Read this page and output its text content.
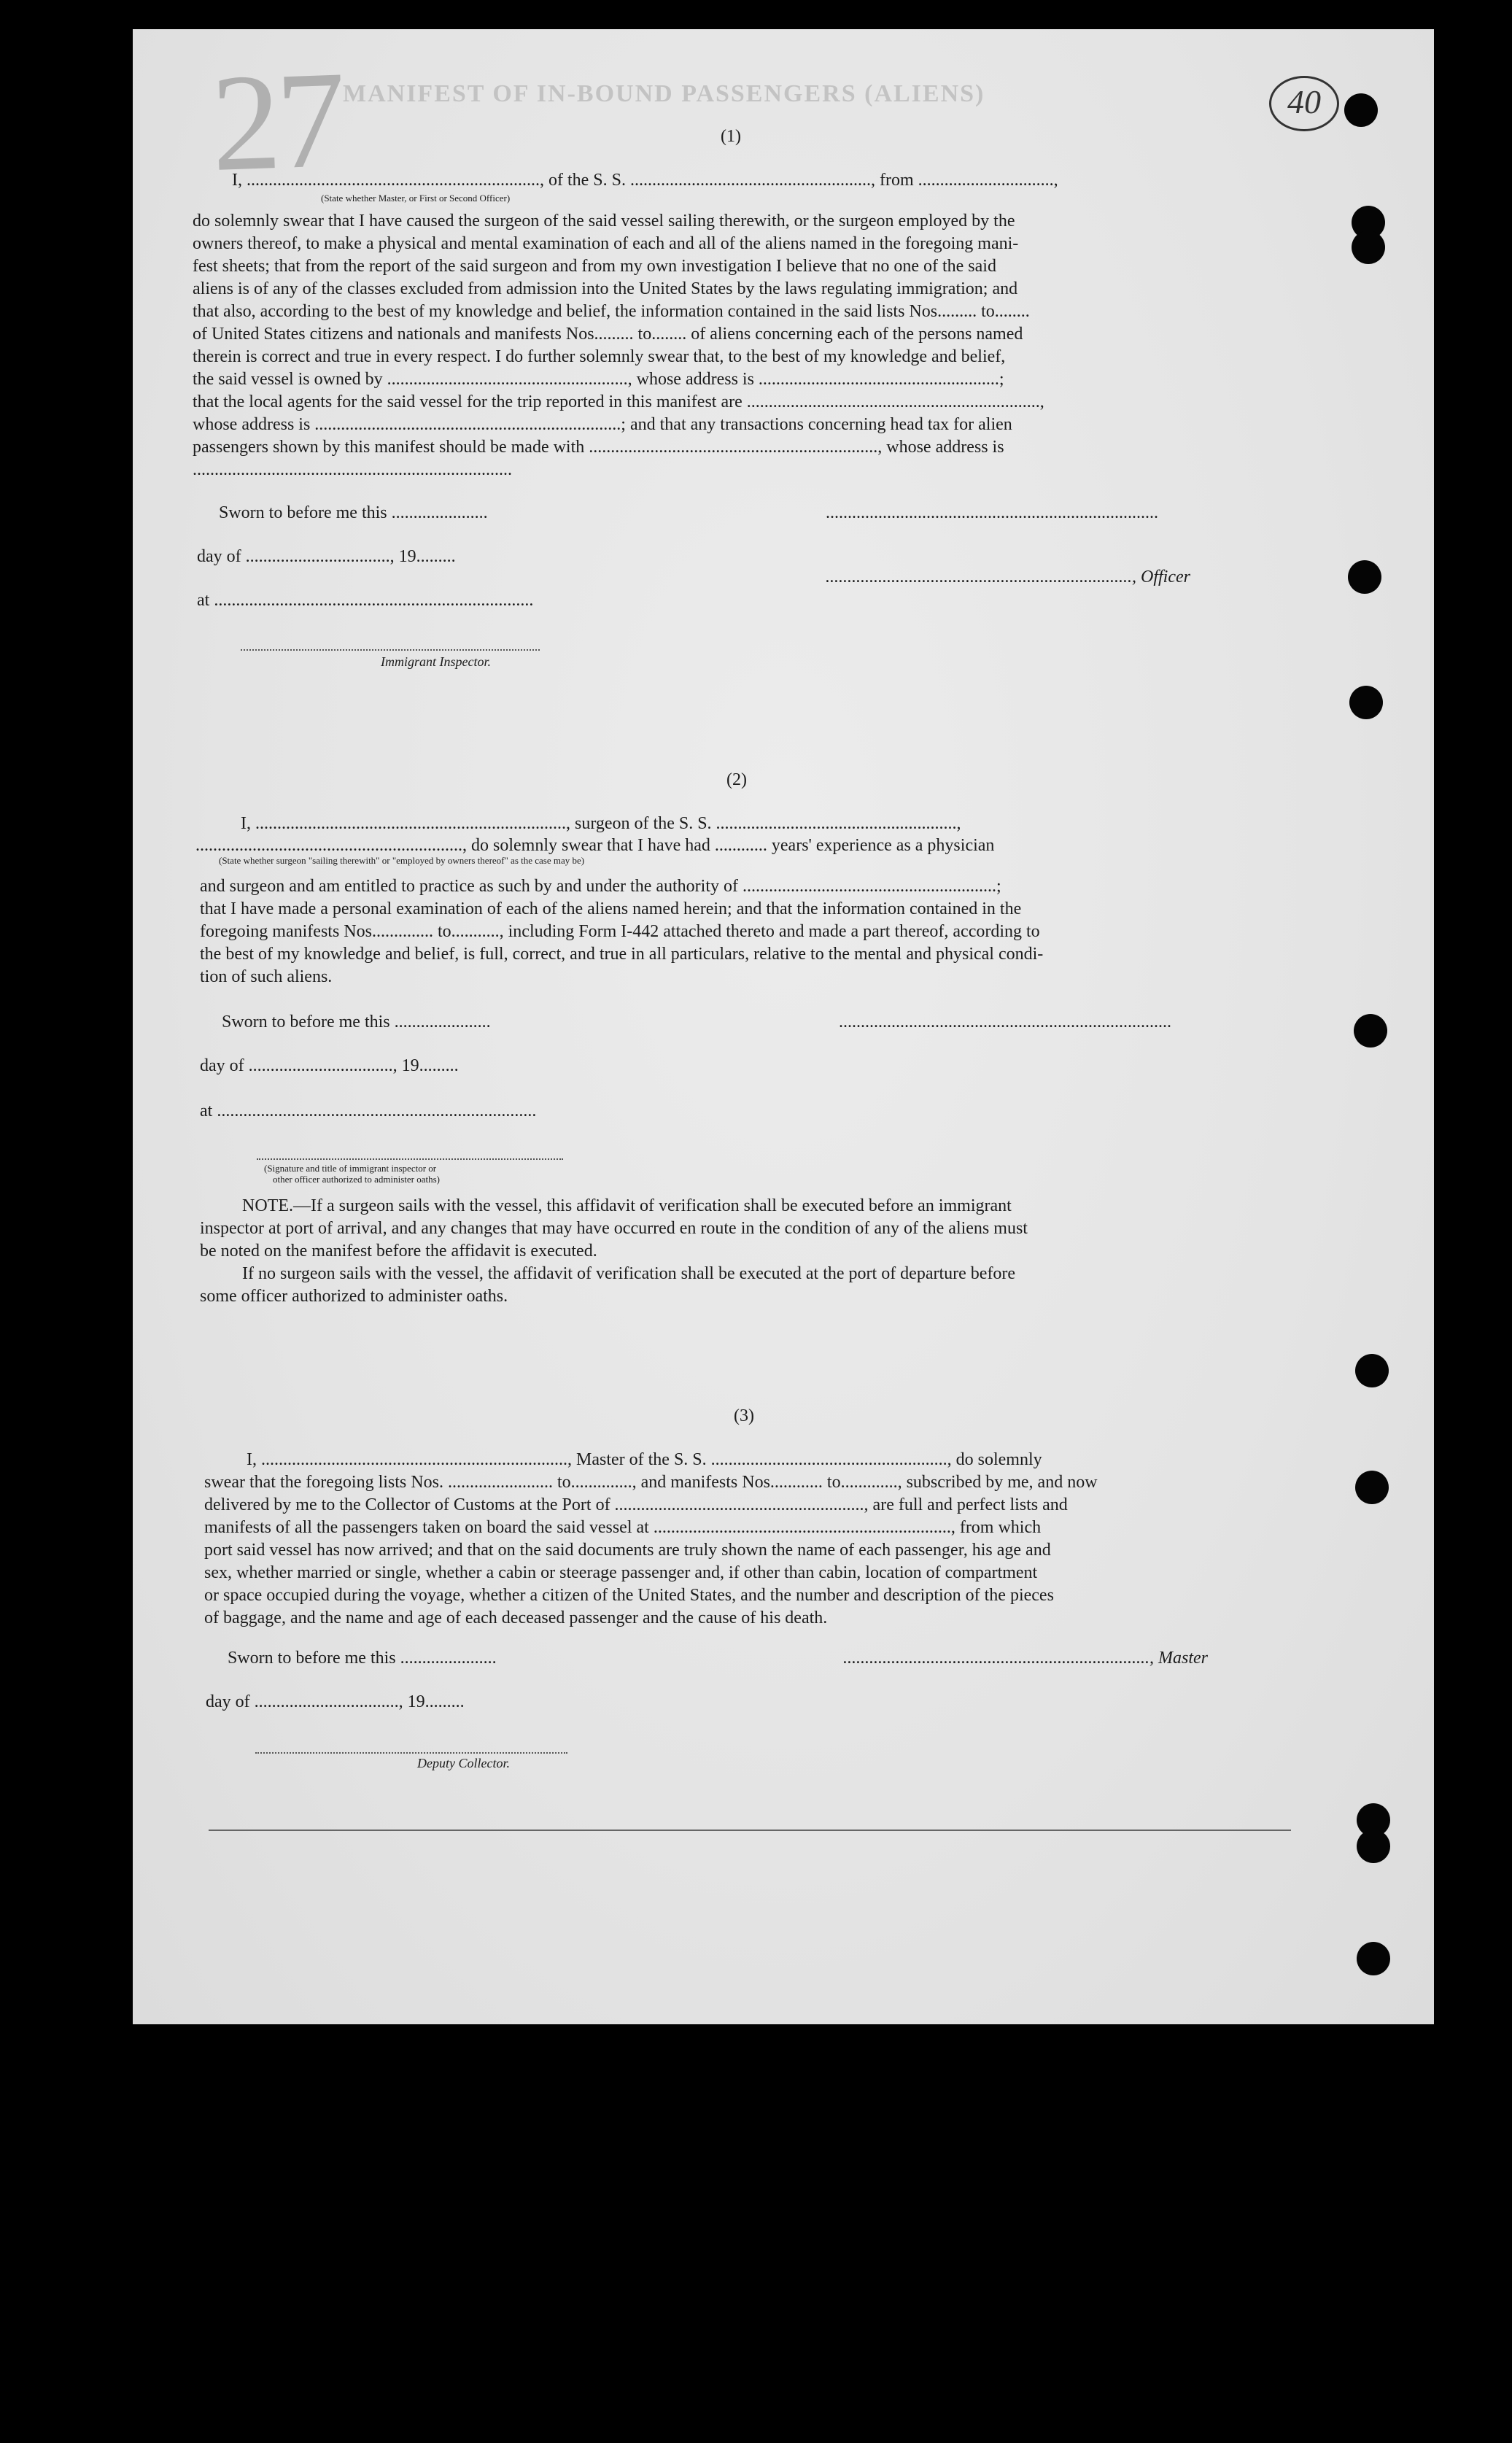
27
MANIFEST OF IN-BOUND PASSENGERS (ALIENS)	40
(1)
I, ..................................................................., of the S. S. ......................................................., from ...............................,
(State whether Master, or First or Second Officer)
do solemnly swear that I have caused the surgeon of the said vessel sailing therewith, or the surgeon employed by the
owners thereof, to make a physical and mental examination of each and all of the aliens named in the foregoing mani-
fest sheets; that from the report of the said surgeon and from my own investigation I believe that no one of the said
aliens is of any of the classes excluded from admission into the United States by the laws regulating immigration; and
that also, according to the best of my knowledge and belief, the information contained in the said lists Nos......... to........
of United States citizens and nationals and manifests Nos......... to........ of aliens concerning each of the persons named
therein is correct and true in every respect. I do further solemnly swear that, to the best of my knowledge and belief,
the said vessel is owned by ......................................................., whose address is .......................................................;
that the local agents for the said vessel for the trip reported in this manifest are ...................................................................,
whose address is ......................................................................; and that any transactions concerning head tax for alien
passengers shown by this manifest should be made with .................................................................., whose address is
.........................................................................
Sworn to before me this ......................	............................................................................
day of ................................., 19.........
......................................................................, Officer
at .........................................................................
Immigrant Inspector.
(2)
I, ......................................................................., surgeon of the S. S. .......................................................,
............................................................., do solemnly swear that I have had ............ years' experience as a physician
(State whether surgeon "sailing therewith" or "employed by owners thereof" as the case may be)
and surgeon and am entitled to practice as such by and under the authority of ..........................................................;
that I have made a personal examination of each of the aliens named herein; and that the information contained in the
foregoing manifests Nos.............. to..........., including Form I-442 attached thereto and made a part thereof, according to
the best of my knowledge and belief, is full, correct, and true in all particulars, relative to the mental and physical condi-
tion of such aliens.
Sworn to before me this ......................	............................................................................
day of ................................., 19.........
at .........................................................................
(Signature and title of immigrant inspector or
other officer authorized to administer oaths)
NOTE.—If a surgeon sails with the vessel, this affidavit of verification shall be executed before an immigrant
inspector at port of arrival, and any changes that may have occurred en route in the condition of any of the aliens must
be noted on the manifest before the affidavit is executed.
If no surgeon sails with the vessel, the affidavit of verification shall be executed at the port of departure before
some officer authorized to administer oaths.
(3)
I, ......................................................................, Master of the S. S. ......................................................, do solemnly
swear that the foregoing lists Nos. ........................ to.............., and manifests Nos............ to............., subscribed by me, and now
delivered by me to the Collector of Customs at the Port of ........................................................., are full and perfect lists and
manifests of all the passengers taken on board the said vessel at ...................................................................., from which
port said vessel has now arrived; and that on the said documents are truly shown the name of each passenger, his age and
sex, whether married or single, whether a cabin or steerage passenger and, if other than cabin, location of compartment
or space occupied during the voyage, whether a citizen of the United States, and the number and description of the pieces
of baggage, and the name and age of each deceased passenger and the cause of his death.
Sworn to before me this ......................	......................................................................, Master
day of ................................., 19.........
Deputy Collector.
